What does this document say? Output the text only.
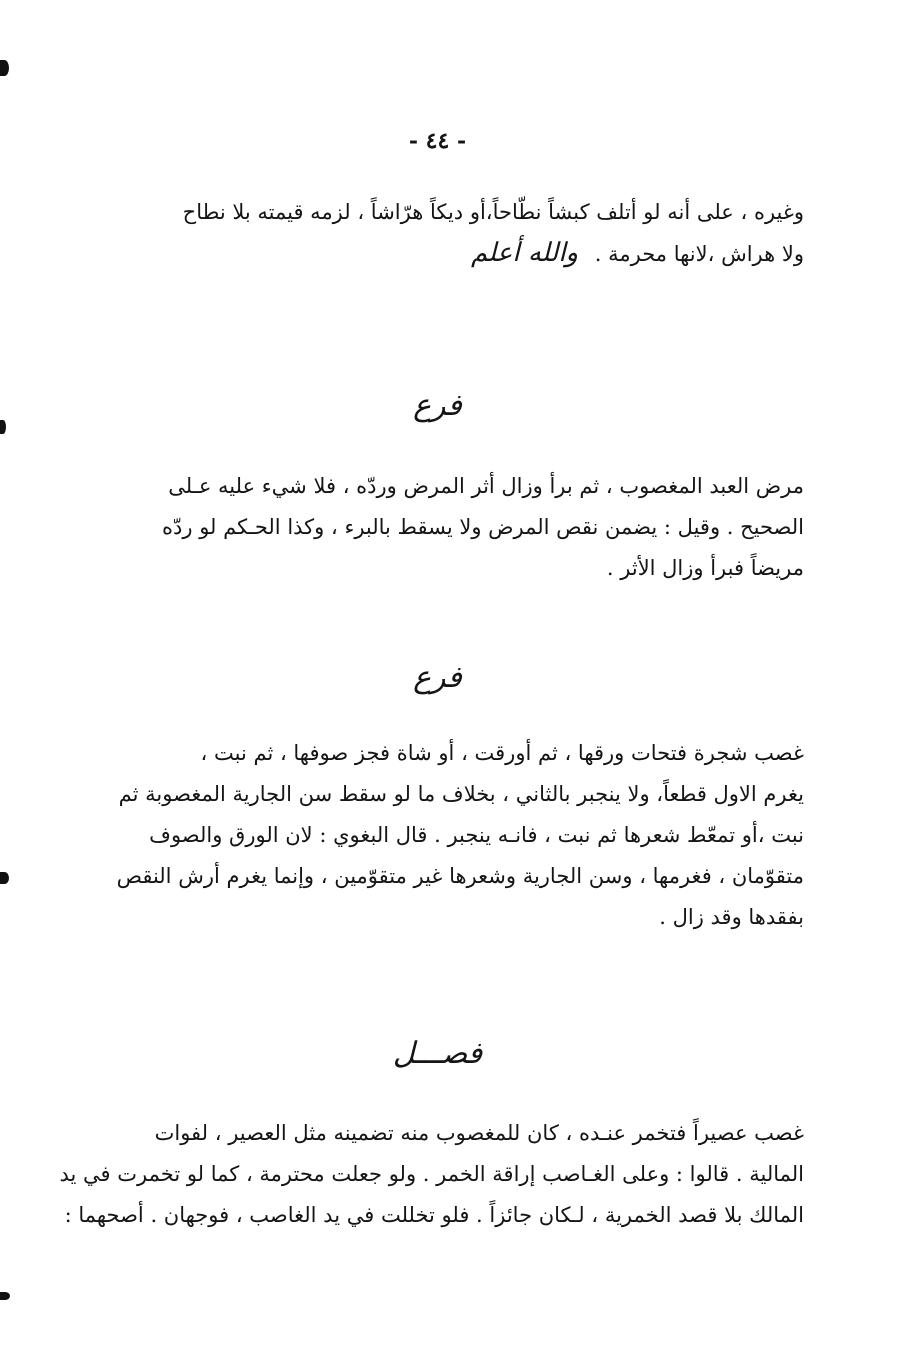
- ٤٤ -
وغيره ، على أنه لو أتلف كبشاً نطّاحاً،أو ديكاً هرّاشاً ، لزمه قيمته بلا نطاح
ولا هراش ،لانها محرمة . والله أعلم
فرع
مرض العبد المغصوب ، ثم برأ وزال أثر المرض وردّه ، فلا شيء عليه عـلى
الصحيح . وقيل : يضمن نقص المرض ولا يسقط بالبرء ، وكذا الحـكم لو ردّه
مريضاً فبرأ وزال الأثر .
فرع
غصب شجرة فتحات ورقها ، ثم أورقت ، أو شاة فجز صوفها ، ثم نبت ،
يغرم الاول قطعاً، ولا ينجبر بالثاني ، بخلاف ما لو سقط سن الجارية المغصوبة ثم
نبت ،أو تمعّط شعرها ثم نبت ، فانـه ينجبر . قال البغوي : لان الورق والصوف
متقوّمان ، فغرمها ، وسن الجارية وشعرها غير متقوّمين ، وإنما يغرم أرش النقص
بفقدها وقد زال .
فصـــل
غصب عصيراً فتخمر عنـده ، كان للمغصوب منه تضمينه مثل العصير ، لفوات
المالية . قالوا : وعلى الغـاصب إراقة الخمر . ولو جعلت محترمة ، كما لو تخمرت في يد
المالك بلا قصد الخمرية ، لـكان جائزاً . فلو تخللت في يد الغاصب ، فوجهان . أصحهما :
